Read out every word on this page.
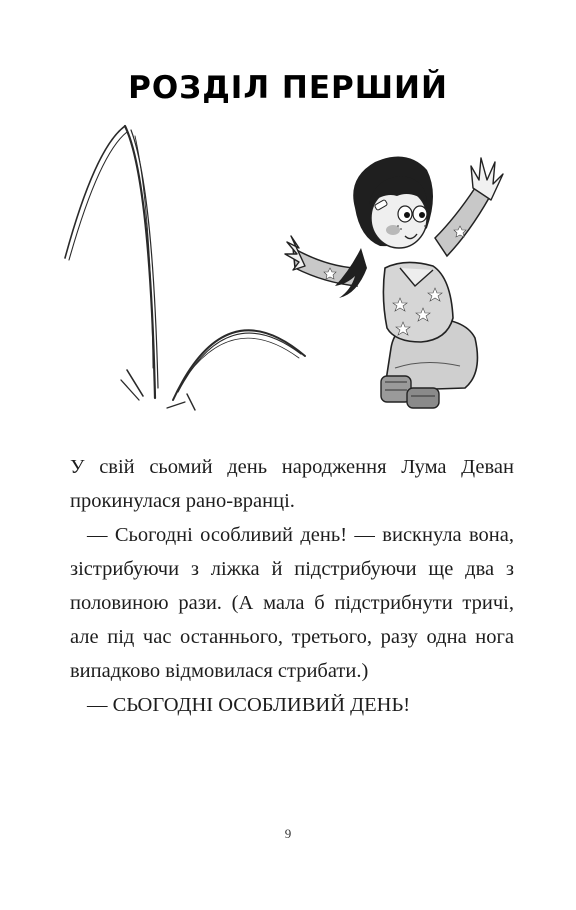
РОЗДІЛ ПЕРШИЙ

У свій сьомий день народження Лума Деван прокинулася рано-вранці.

— Сьогодні особливий день! — вискнула вона, зістрибуючи з ліжка й підстрибуючи ще два з половиною рази. (А мала б підстрибнути тричі, але під час останнього, третього, разу одна нога випадково відмовилася стрибати.)

— СЬОГОДНІ ОСОБЛИВИЙ ДЕНЬ!

9
